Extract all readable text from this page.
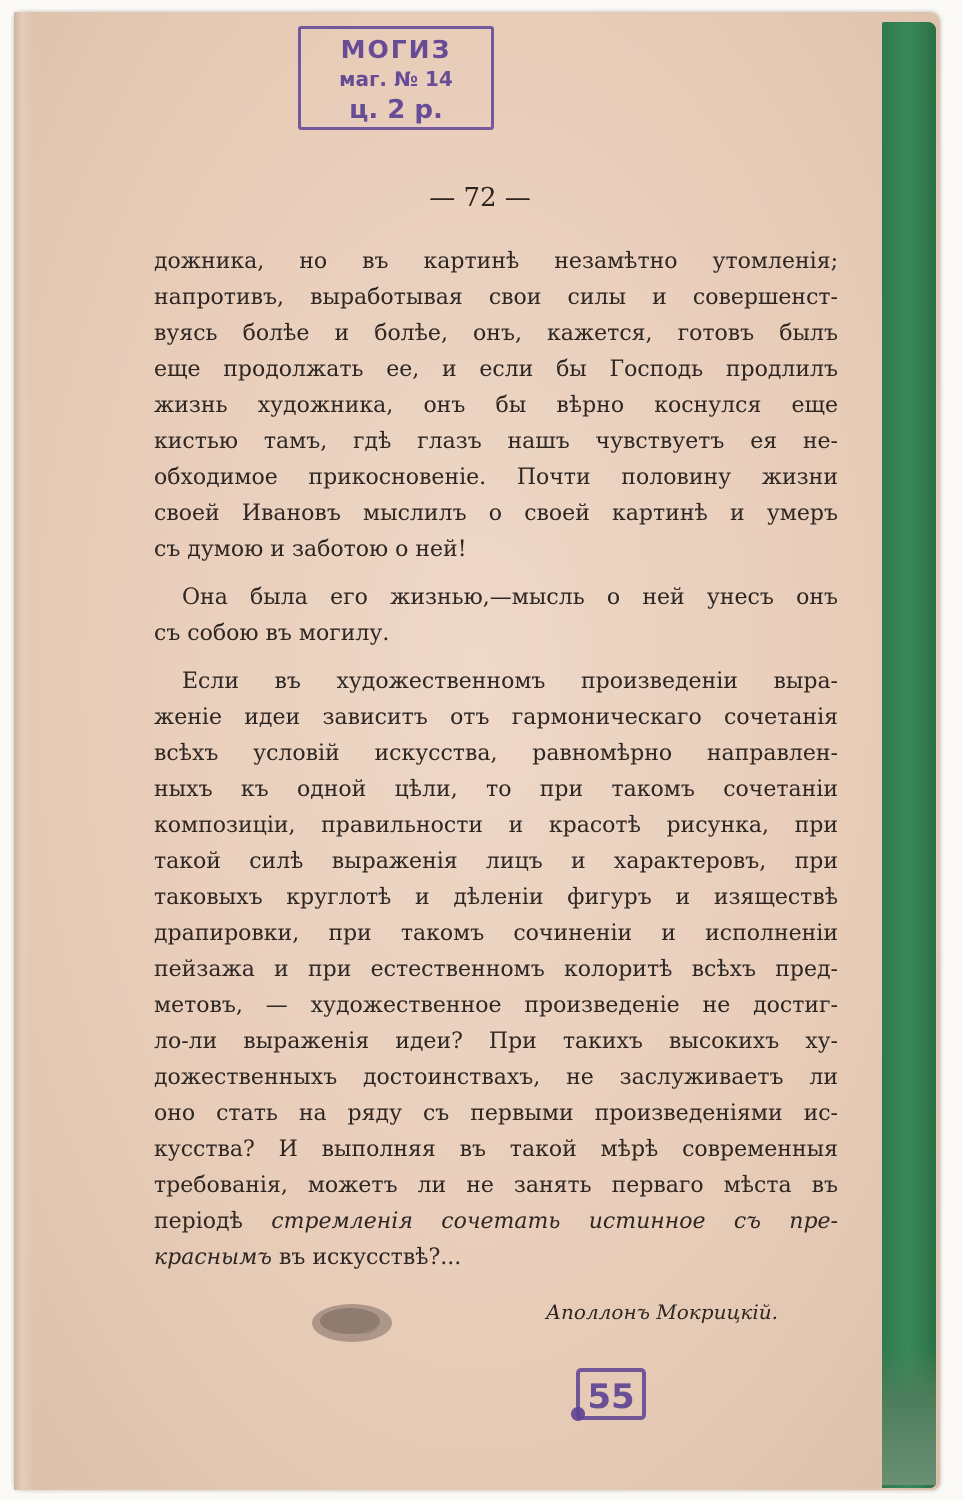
МОГИЗ
маг. № 14
ц. 2 р.
— 72 —
дожника, но въ картинѣ незамѣтно утомленія;
напротивъ, выработывая свои силы и совершенст-
вуясь болѣе и болѣе, онъ, кажется, готовъ былъ
еще продолжать ее, и если бы Господь продлилъ
жизнь художника, онъ бы вѣрно коснулся еще
кистью тамъ, гдѣ глазъ нашъ чувствуетъ ея не-
обходимое прикосновеніе. Почти половину жизни
своей Ивановъ мыслилъ о своей картинѣ и умеръ
съ думою и заботою о ней!
Она была его жизнью,—мысль о ней унесъ онъ
съ собою въ могилу.
Если въ художественномъ произведеніи выра-
женіе идеи зависитъ отъ гармоническаго сочетанія
всѣхъ условій искусства, равномѣрно направлен-
ныхъ къ одной цѣли, то при такомъ сочетаніи
композиціи, правильности и красотѣ рисунка, при
такой силѣ выраженія лицъ и характеровъ, при
таковыхъ круглотѣ и дѣленіи фигуръ и изяществѣ
драпировки, при такомъ сочиненіи и исполненіи
пейзажа и при естественномъ колоритѣ всѣхъ пред-
метовъ, — художественное произведеніе не достиг-
ло-ли выраженія идеи? При такихъ высокихъ ху-
дожественныхъ достоинствахъ, не заслуживаетъ ли
оно стать на ряду съ первыми произведеніями ис-
кусства? И выполняя въ такой мѣрѣ современныя
требованія, можетъ ли не занять перваго мѣста въ
періодѣ стремленія сочетать истинное съ пре-
краснымъ въ искусствѣ?...
Аполлонъ Мокрицкій.
55
